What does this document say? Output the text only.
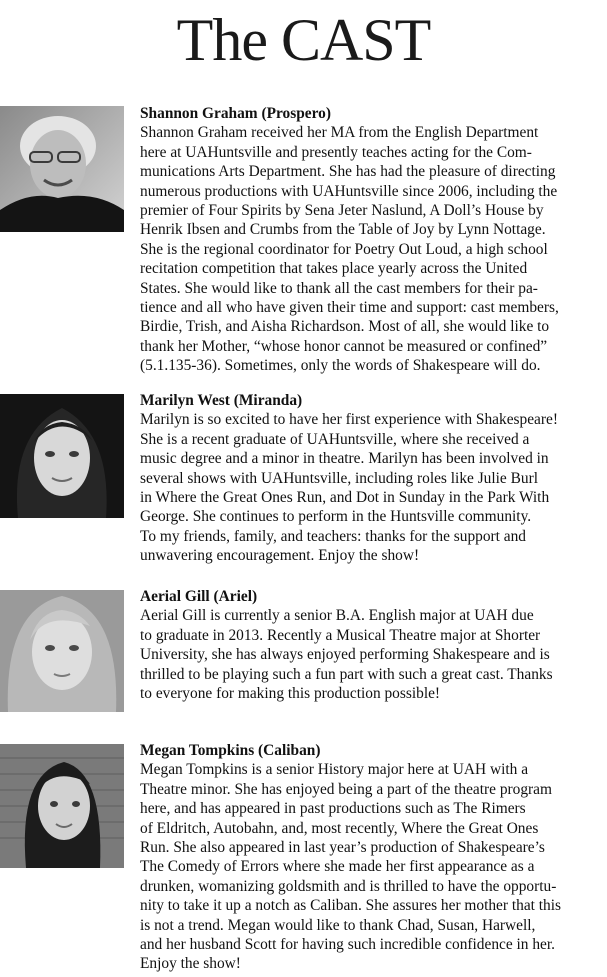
The CAST

Shannon Graham (Prospero)

Shannon Graham received her MA from the English Department
here at UAHuntsville and presently teaches acting for the Com-
munications Arts Department. She has had the pleasure of directing
numerous productions with UAHuntsville since 2006, including the
premier of Four Spirits by Sena Jeter Naslund, A Doll’s House by
Henrik Ibsen and Crumbs from the Table of Joy by Lynn Nottage.
She is the regional coordinator for Poetry Out Loud, a high school
recitation competition that takes place yearly across the United
States. She would like to thank all the cast members for their pa-
tience and all who have given their time and support: cast members,
Birdie, Trish, and Aisha Richardson. Most of all, she would like to
thank her Mother, “whose honor cannot be measured or confined”
(5.1.135-36). Sometimes, only the words of Shakespeare will do.

Marilyn West (Miranda)

Marilyn is so excited to have her first experience with Shakespeare!
She is a recent graduate of UAHuntsville, where she received a
music degree and a minor in theatre. Marilyn has been involved in
several shows with UAHuntsville, including roles like Julie Burl
in Where the Great Ones Run, and Dot in Sunday in the Park With
George. She continues to perform in the Huntsville community.
To my friends, family, and teachers: thanks for the support and
unwavering encouragement. Enjoy the show!

Aerial Gill (Ariel)

Aerial Gill is currently a senior B.A. English major at UAH due
to graduate in 2013. Recently a Musical Theatre major at Shorter
University, she has always enjoyed performing Shakespeare and is
thrilled to be playing such a fun part with such a great cast. Thanks
to everyone for making this production possible!

Megan Tompkins (Caliban)

Megan Tompkins is a senior History major here at UAH with a
Theatre minor. She has enjoyed being a part of the theatre program
here, and has appeared in past productions such as The Rimers
of Eldritch, Autobahn, and, most recently, Where the Great Ones
Run. She also appeared in last year’s production of Shakespeare’s
The Comedy of Errors where she made her first appearance as a
drunken, womanizing goldsmith and is thrilled to have the opportu-
nity to take it up a notch as Caliban. She assures her mother that this
is not a trend. Megan would like to thank Chad, Susan, Harwell,
and her husband Scott for having such incredible confidence in her.
Enjoy the show!
